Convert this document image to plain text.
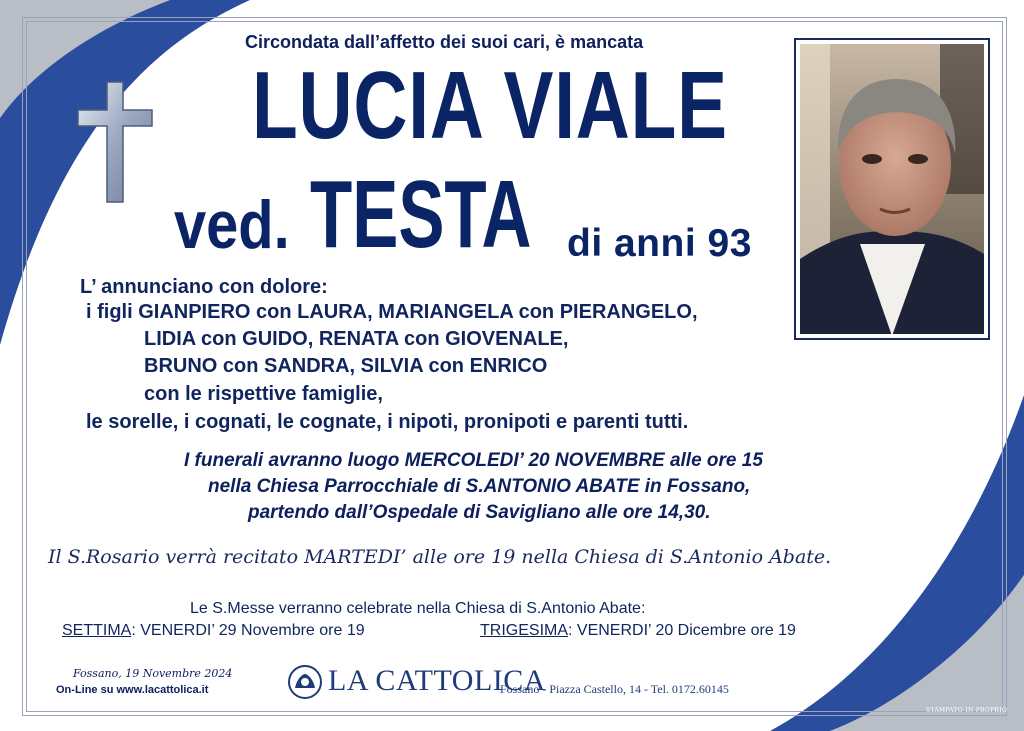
Circondata dall’affetto dei suoi cari, è mancata
LUCIA VIALE
ved. TESTA di anni 93
L’ annunciano con dolore:
i figli GIANPIERO con LAURA, MARIANGELA con PIERANGELO,
LIDIA con GUIDO, RENATA con GIOVENALE,
BRUNO con SANDRA, SILVIA con ENRICO
con le rispettive famiglie,
le sorelle, i cognati, le cognate, i nipoti, pronipoti e parenti tutti.
I funerali avranno luogo MERCOLEDI’ 20 NOVEMBRE alle ore 15
nella Chiesa Parrocchiale di S.ANTONIO ABATE in Fossano,
partendo dall’Ospedale di Savigliano alle ore 14,30.
Il S.Rosario verrà recitato MARTEDI’ alle ore 19 nella Chiesa di S.Antonio Abate.
Le S.Messe verranno celebrate nella Chiesa di S.Antonio Abate:
SETTIMA: VENERDI’ 29 Novembre ore 19	TRIGESIMA: VENERDI’ 20 Dicembre ore 19
Fossano, 19 Novembre 2024
On-Line su www.lacattolica.it	LA CATTOLICA
Fossano - Piazza Castello, 14 - Tel. 0172.60145
STAMPATO IN PROPRIO
